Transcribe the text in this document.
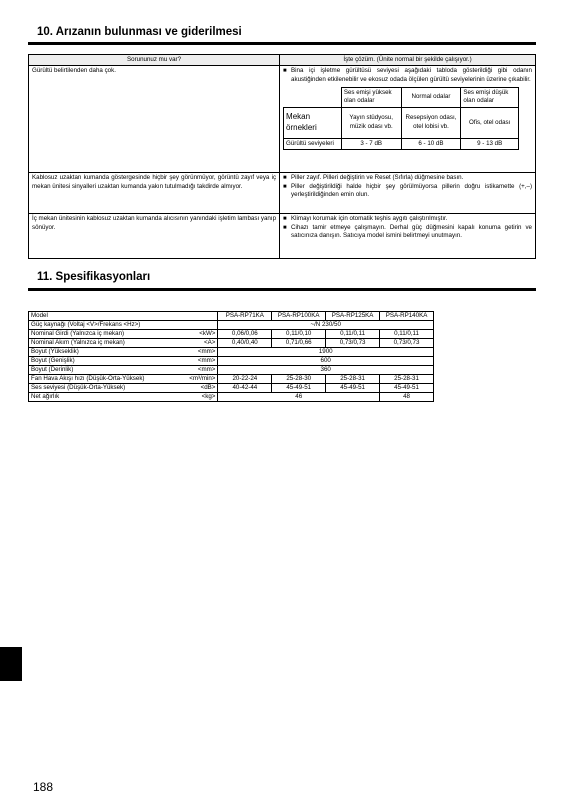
10. Arızanın bulunması ve giderilmesi
Sorununuz mu var?	İşte çözüm. (Ünite normal bir şekilde çalışıyor.)
Gürültü belirtilenden daha çok.	■ Bina içi işletme gürültüsü seviyesi aşağıdaki tabloda gösterildiği gibi odanın akustiğinden etkilenebilir ve ekosuz odada ölçülen gürültü seviyelerinin üzerine çıkabilir.
	Ses emişi yüksek olan odalar	Normal odalar	Ses emişi düşük olan odalar
Mekan örnekleri	Yayın stüdyosu, müzik odası vb.	Resepsiyon odası, otel lobisi vb.	Ofis, otel odası
Gürültü seviyeleri	3 - 7 dB	6 - 10 dB	9 - 13 dB

Kablosuz uzaktan kumanda göstergesinde hiçbir şey görünmüyor, görüntü zayıf veya iç mekan ünitesi sinyalleri uzaktan kumanda yakın tutulmadığı takdirde almıyor.	
■ Piller zayıf. Pilleri değiştirin ve Reset (Sıfırla) düğmesine basın.
■ Piller değiştirildiği halde hiçbir şey görülmüyorsa pillerin doğru istikamette (+,–) yerleştirildiğinden emin olun.

İç mekan ünitesinin kablosuz uzaktan kumanda alıcısının yanındaki işletim lambası yanıp sönüyor.	
■ Klimayı korumak için otomatik teşhis aygıtı çalıştırılmıştır.
■ Cihazı tamir etmeye çalışmayın. Derhal güç düğmesini kapalı konuma getirin ve satıcınıza danışın. Satıcıya model ismini belirtmeyi unutmayın.
11. Spesifikasyonları
Model	PSA-RP71KA	PSA-RP100KA	PSA-RP125KA	PSA-RP140KA
Güç kaynağı (Voltaj <V>/Frekans <Hz>)	~/N 230/50			

Nominal Girdi (Yalnızca iç mekan) <kW>	0,06/0,06	0,11/0,10	0,11/0,11	0,11/0,11

Nominal Akım (Yalnızca iç mekan) <A>	0,40/0,40	0,71/0,66	0,73/0,73	0,73/0,73

Boyut (Yükseklik) <mm>	1900			

Boyut (Genişlik) <mm>	600			

Boyut (Derinlik) <mm>	360			

Fan Hava Akışı hızı (Düşük-Orta-Yüksek) <m³/min>	20-22-24	25-28-30	25-28-31	25-28-31

Ses seviyesi (Düşük-Orta-Yüksek) <dB>	40-42-44	45-49-51	45-49-51	45-49-51

Net ağırlık <kg>	46			48
188
